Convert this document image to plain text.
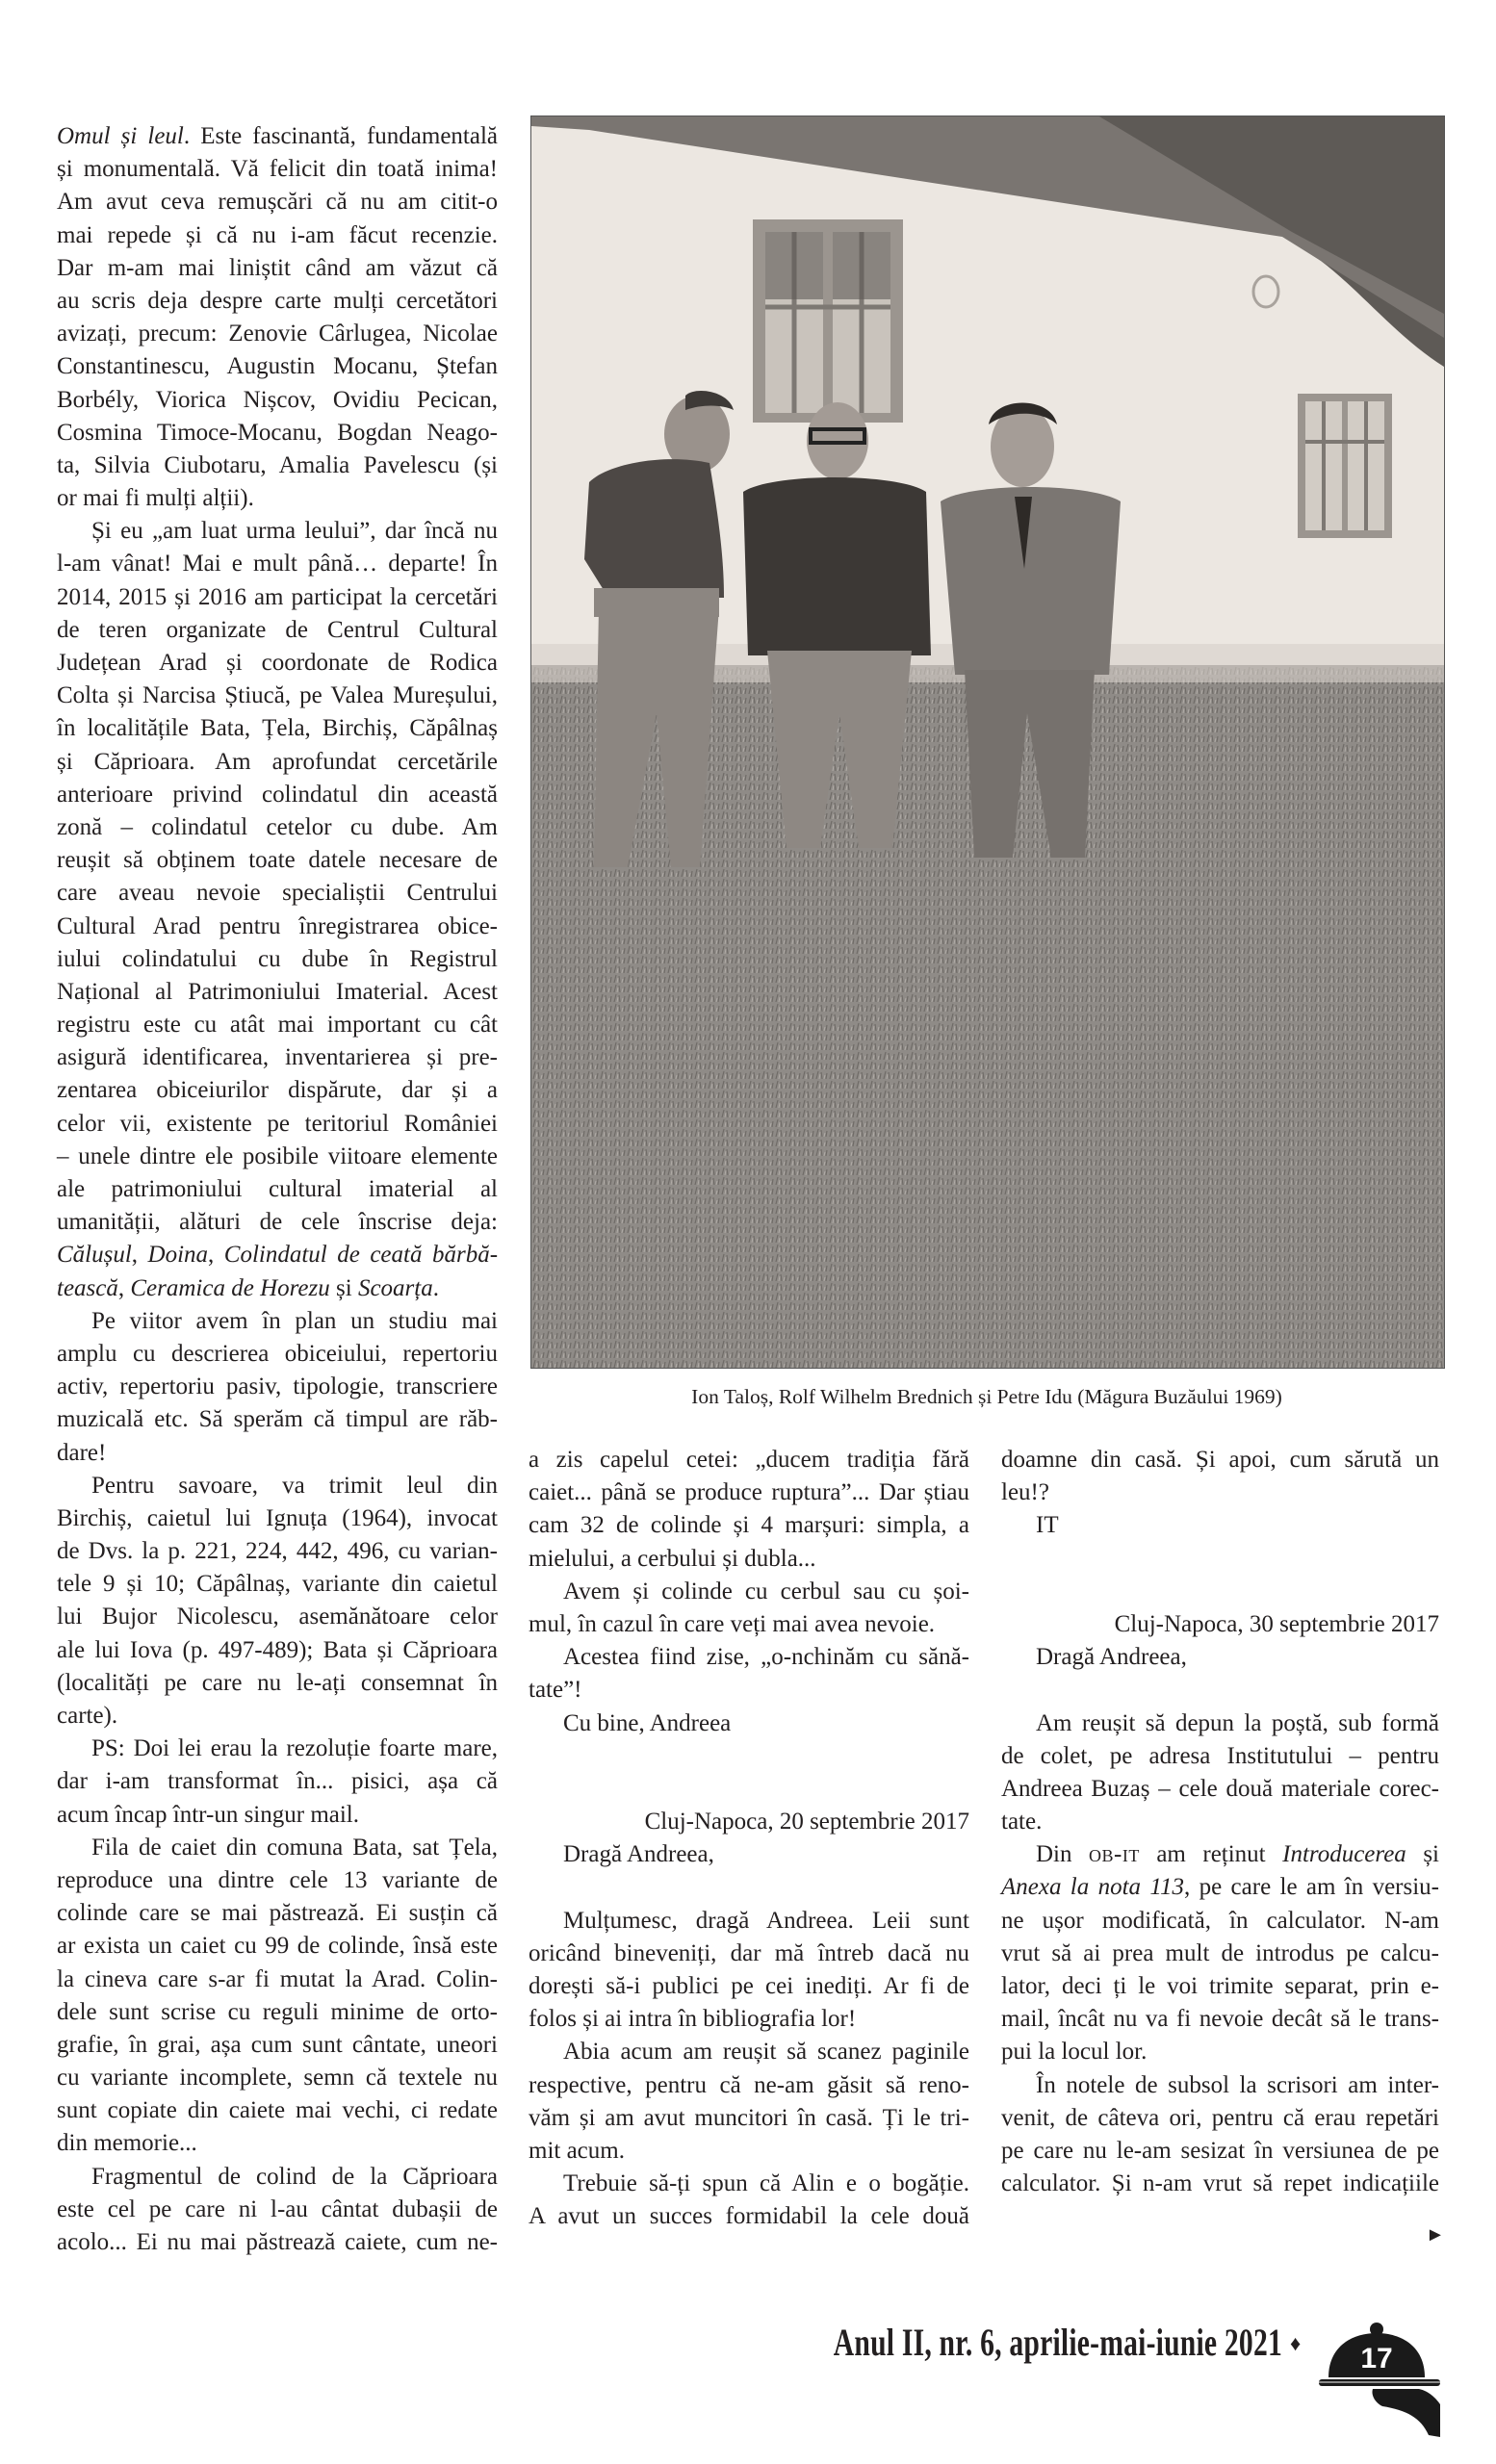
Omul și leul. Este fascinantă, fundamentală
și monumentală. Vă felicit din toată inima!
Am avut ceva remușcări că nu am citit-o
mai repede și că nu i-am făcut recenzie.
Dar m-am mai liniștit când am văzut că
au scris deja despre carte mulți cercetători
avizați, precum: Zenovie Cârlugea, Nicolae
Constantinescu, Augustin Mocanu, Ștefan
Borbély, Viorica Nișcov, Ovidiu Pecican,
Cosmina Timoce-Mocanu, Bogdan Neago-
ta, Silvia Ciubotaru, Amalia Pavelescu (și
or mai fi mulți alții).
Și eu „am luat urma leului”, dar încă nu
l-am vânat! Mai e mult până… departe! În
2014, 2015 și 2016 am participat la cercetări
de teren organizate de Centrul Cultural
Județean Arad și coordonate de Rodica
Colta și Narcisa Știucă, pe Valea Mureșului,
în localitățile Bata, Țela, Birchiș, Căpâlnaș
și Căprioara. Am aprofundat cercetările
anterioare privind colindatul din această
zonă – colindatul cetelor cu dube. Am
reușit să obținem toate datele necesare de
care aveau nevoie specialiștii Centrului
Cultural Arad pentru înregistrarea obice-
iului colindatului cu dube în Registrul
Național al Patrimoniului Imaterial. Acest
registru este cu atât mai important cu cât
asigură identificarea, inventarierea și pre-
zentarea obiceiurilor dispărute, dar și a
celor vii, existente pe teritoriul României
– unele dintre ele posibile viitoare elemente
ale patrimoniului cultural imaterial al
umanității, alături de cele înscrise deja:
Călușul, Doina, Colindatul de ceată bărbă-
tească, Ceramica de Horezu și Scoarța.
Pe viitor avem în plan un studiu mai
amplu cu descrierea obiceiului, repertoriu
activ, repertoriu pasiv, tipologie, transcriere
muzicală etc. Să sperăm că timpul are răb-
dare!
Pentru savoare, va trimit leul din
Birchiș, caietul lui Ignuța (1964), invocat
de Dvs. la p. 221, 224, 442, 496, cu varian-
tele 9 și 10; Căpâlnaș, variante din caietul
lui Bujor Nicolescu, asemănătoare celor
ale lui Iova (p. 497-489); Bata și Căprioara
(localități pe care nu le-ați consemnat în
carte).
PS: Doi lei erau la rezoluție foarte mare,
dar i-am transformat în... pisici, așa că
acum încap într-un singur mail.
Fila de caiet din comuna Bata, sat Țela,
reproduce una dintre cele 13 variante de
colinde care se mai păstrează. Ei susțin că
ar exista un caiet cu 99 de colinde, însă este
la cineva care s-ar fi mutat la Arad. Colin-
dele sunt scrise cu reguli minime de orto-
grafie, în grai, așa cum sunt cântate, uneori
cu variante incomplete, semn că textele nu
sunt copiate din caiete mai vechi, ci redate
din memorie...
Fragmentul de colind de la Căprioara
este cel pe care ni l-au cântat dubașii de
acolo... Ei nu mai păstrează caiete, cum ne-
Ion Taloș, Rolf Wilhelm Brednich și Petre Idu (Măgura Buzăului 1969)
a zis capelul cetei: „ducem tradiția fără
caiet... până se produce ruptura”... Dar știau
cam 32 de colinde și 4 marșuri: simpla, a
mielului, a cerbului și dubla...
Avem și colinde cu cerbul sau cu șoi-
mul, în cazul în care veți mai avea nevoie.
Acestea fiind zise, „o-nchinăm cu sănă-
tate”!
Cu bine, Andreea
Cluj-Napoca, 20 septembrie 2017
Dragă Andreea,
Mulțumesc, dragă Andreea. Leii sunt
oricând bineveniți, dar mă întreb dacă nu
dorești să-i publici pe cei inediți. Ar fi de
folos și ai intra în bibliografia lor!
Abia acum am reușit să scanez paginile
respective, pentru că ne-am găsit să reno-
văm și am avut muncitori în casă. Ți le tri-
mit acum.
Trebuie să-ți spun că Alin e o bogăție.
A avut un succes formidabil la cele două
doamne din casă. Și apoi, cum sărută un
leu!?
IT
Cluj-Napoca, 30 septembrie 2017
Dragă Andreea,
Am reușit să depun la poștă, sub formă
de colet, pe adresa Institutului – pentru
Andreea Buzaș – cele două materiale corec-
tate.
Din ob-it am reținut Introducerea și
Anexa la nota 113, pe care le am în versiu-
ne ușor modificată, în calculator. N-am
vrut să ai prea mult de introdus pe calcu-
lator, deci ți le voi trimite separat, prin e-
mail, încât nu va fi nevoie decât să le trans-
pui la locul lor.
În notele de subsol la scrisori am inter-
venit, de câteva ori, pentru că erau repetări
pe care nu le-am sesizat în versiunea de pe
calculator. Și n-am vrut să repet indicațiile
►
Anul II, nr. 6, aprilie-mai-iunie 2021 ♦ 17
